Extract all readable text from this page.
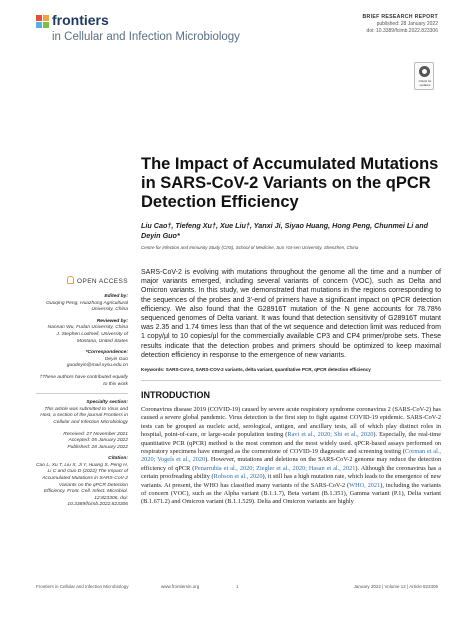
frontiers
in Cellular and Infection Microbiology
BRIEF RESEARCH REPORT
published: 28 January 2022
doi: 10.3389/fcimb.2022.823306
Check for updates
The Impact of Accumulated Mutations in SARS-CoV-2 Variants on the qPCR Detection Efficiency
Liu Cao†, Tiefeng Xu†, Xue Liu†, Yanxi Ji, Siyao Huang, Hong Peng, Chunmei Li and Deyin Guo*
Centre for Infection and Immunity Study (CIIS), School of Medicine, Sun Yat-sen University, Shenzhen, China
OPEN ACCESS
Edited by:
Guoqing Peng, Huazhong Agricultural University, China
Reviewed by:
Nannan Wu, Fudan University, China
J. Stephen Lodmell, University of Montana, United States
*Correspondence:
Deyin Guo
guodeyin@mail.sysu.edu.cn
†These authors have contributed equally to this work
Specialty section:
This article was submitted to Virus and Host, a section of the journal Frontiers in Cellular and Infection Microbiology
Received: 27 November 2021
Accepted: 05 January 2022
Published: 28 January 2022
Citation:
Cao L, Xu T, Liu X, Ji Y, Huang S, Peng H, Li C and Guo D (2022) The Impact of Accumulated Mutations in SARS-CoV-2 Variants on the qPCR Detection Efficiency. Front. Cell. Infect. Microbiol. 12:823306. doi: 10.3389/fcimb.2022.823306
SARS-CoV-2 is evolving with mutations throughout the genome all the time and a number of major variants emerged, including several variants of concern (VOC), such as Delta and Omicron variants. In this study, we demonstrated that mutations in the regions corresponding to the sequences of the probes and 3′-end of primers have a significant impact on qPCR detection efficiency. We also found that the G28916T mutation of the N gene accounts for 78.78% sequenced genomes of Delta variant. It was found that detection sensitivity of G28916T mutant was 2.35 and 1.74 times less than that of the wt sequence and detection limit was reduced from 1 copy/μl to 10 copies/μl for the commercially available CP3 and CP4 primer/probe sets. These results indicate that the detection probes and primers should be optimized to keep maximal detection efficiency in response to the emergence of new variants.
Keywords: SARS-CoV-2, SARS-COV-2 variants, delta variant, quantitative PCR, qPCR detection efficiency
INTRODUCTION
Coronavirus disease 2019 (COVID-19) caused by severe acute respiratory syndrome coronavirus 2 (SARS-CoV-2) has caused a severe global pandemic. Virus detection is the first step to fight against COVID-19 epidemic. SARS-CoV-2 tests can be grouped as nucleic acid, serological, antigen, and ancillary tests, all of which play distinct roles in hospital, point-of-care, or large-scale population testing (Ravi et al., 2020; Shi et al., 2020). Especially, the real-time quantitative PCR (qPCR) method is the most common and the most widely used. qPCR-based assays performed on respiratory specimens have emerged as the cornerstone of COVID-19 diagnostic and screening testing (Corman et al., 2020; Vogels et al., 2020). However, mutations and deletions on the SARS-CoV-2 genome may reduce the detection efficiency of qPCR (Penarrubia et al., 2020; Ziegler et al., 2020; Hasan et al., 2021). Although the coronavirus has a certain proofreading ability (Robson et al., 2020), it still has a high mutation rate, which leads to the emergence of new variants. At present, the WHO has classified many variants of the SARS-CoV-2 (WHO, 2021), including the variants of concern (VOC), such as the Alpha variant (B.1.1.7), Beta variant (B.1.351), Gamma variant (P.1), Delta variant (B.1.671.2) and Omicron variant (B.1.1.529). Delta and Omicron variants are highly
Frontiers in Cellular and Infection Microbiology	www.frontiersin.org	1	January 2022 | Volume 12 | Article 823306
